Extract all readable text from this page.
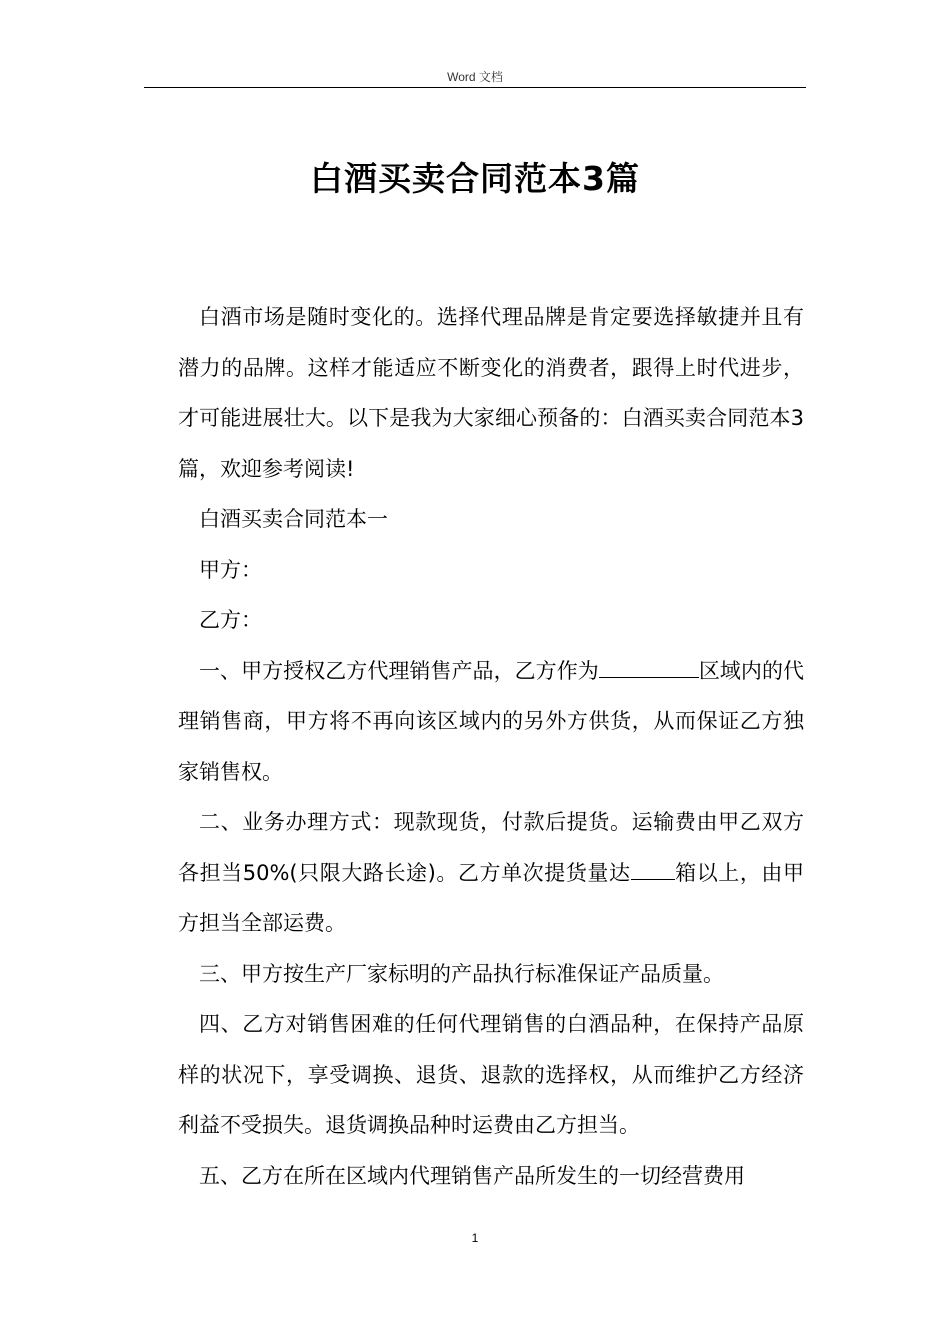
Word 文档
白酒买卖合同范本3篇

白酒市场是随时变化的。选择代理品牌是肯定要选择敏捷并且有潜力的品牌。这样才能适应不断变化的消费者，跟得上时代进步，才可能进展壮大。以下是我为大家细心预备的：白酒买卖合同范本3篇，欢迎参考阅读!

白酒买卖合同范本一

甲方：

乙方：

一、甲方授权乙方代理销售产品，乙方作为	区域内的代理销售商，甲方将不再向该区域内的另外方供货，从而保证乙方独家销售权。

二、业务办理方式：现款现货，付款后提货。运输费由甲乙双方各担当50%(只限大路长途)。乙方单次提货量达 箱以上，由甲方担当全部运费。

三、甲方按生产厂家标明的产品执行标准保证产品质量。

四、乙方对销售困难的任何代理销售的白酒品种，在保持产品原样的状况下，享受调换、退货、退款的选择权，从而维护乙方经济利益不受损失。退货调换品种时运费由乙方担当。

五、乙方在所在区域内代理销售产品所发生的一切经营费用

1
